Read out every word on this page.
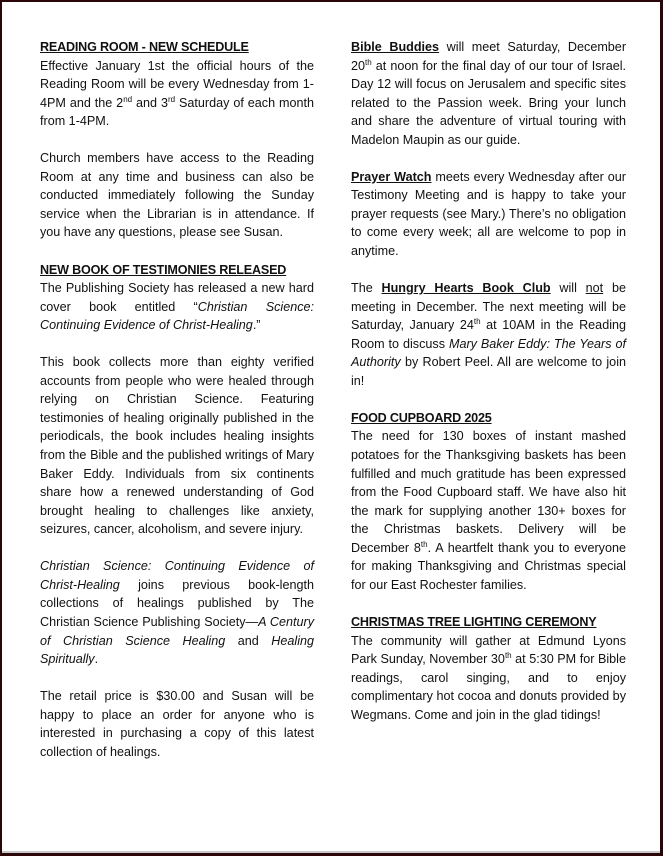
READING ROOM - NEW SCHEDULE

Effective January 1st the official hours of the Reading Room will be every Wednesday from 1-4PM and the 2nd and 3rd Saturday of each month from 1-4PM.

Church members have access to the Reading Room at any time and business can also be conducted immediately following the Sunday service when the Librarian is in attendance. If you have any questions, please see Susan.

NEW BOOK OF TESTIMONIES RELEASED

The Publishing Society has released a new hard cover book entitled “Christian Science: Continuing Evidence of Christ-Healing.”

This book collects more than eighty verified accounts from people who were healed through relying on Christian Science. Featuring testimonies of healing originally published in the periodicals, the book includes healing insights from the Bible and the published writings of Mary Baker Eddy. Individuals from six continents share how a renewed understanding of God brought healing to challenges like anxiety, seizures, cancer, alcoholism, and severe injury.

Christian Science: Continuing Evidence of Christ-Healing joins previous book-length collections of healings published by The Christian Science Publishing Society—A Century of Christian Science Healing and Healing Spiritually.

The retail price is $30.00 and Susan will be happy to place an order for anyone who is interested in purchasing a copy of this latest collection of healings.

Bible Buddies will meet Saturday, December 20th at noon for the final day of our tour of Israel. Day 12 will focus on Jerusalem and specific sites related to the Passion week. Bring your lunch and share the adventure of virtual touring with Madelon Maupin as our guide.

Prayer Watch meets every Wednesday after our Testimony Meeting and is happy to take your prayer requests (see Mary.) There’s no obligation to come every week; all are welcome to pop in anytime.

The Hungry Hearts Book Club will not be meeting in December. The next meeting will be Saturday, January 24th at 10AM in the Reading Room to discuss Mary Baker Eddy: The Years of Authority by Robert Peel. All are welcome to join in!

FOOD CUPBOARD 2025

The need for 130 boxes of instant mashed potatoes for the Thanksgiving baskets has been fulfilled and much gratitude has been expressed from the Food Cupboard staff. We have also hit the mark for supplying another 130+ boxes for the Christmas baskets. Delivery will be December 8th. A heartfelt thank you to everyone for making Thanksgiving and Christmas special for our East Rochester families.

CHRISTMAS TREE LIGHTING CEREMONY

The community will gather at Edmund Lyons Park Sunday, November 30th at 5:30 PM for Bible readings, carol singing, and to enjoy complimentary hot cocoa and donuts provided by Wegmans. Come and join in the glad tidings!
